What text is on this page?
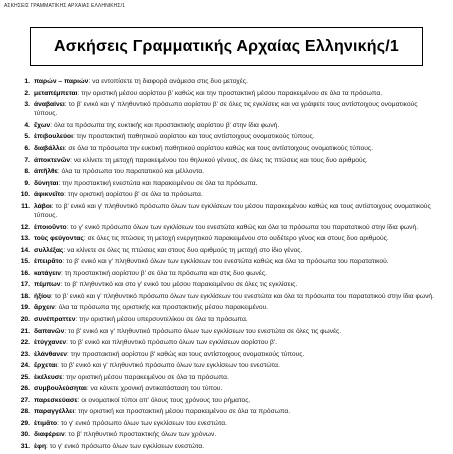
ΑΣΚΗΣΕΙΣ ΓΡΑΜΜΑΤΙΚΗΣ ΑΡΧΑΙΑΣ ΕΛΛΗΝΙΚΗΣ/1
Ασκήσεις Γραμματικής Αρχαίας Ελληνικής/1
1. παρών – παριών: να εντοπίσετε τη διαφορά ανάμεσα στις δυο μετοχές.
2. μεταπέμπεται: την οριστική μέσου αορίστου β' καθώς και την προστακτική μέσου παρακειμένου σε όλα τα πρόσωπα.
3. ἀναβαίνει: το β' ενικό και γ' πληθυντικό πρόσωπο αορίστου β' σε όλες τις εγκλίσεις και να γράψετε τους αντίστοιχους ονοματικούς τύπους.
4. ἔχων: όλα τα πρόσωπα της ευκτικής και προστακτικής αορίστου β' στην ίδια φωνή.
5. ἐπιβουλεύοι: την προστακτική παθητικού αορίστου και τους αντίστοιχους ονοματικούς τύπους.
6. διαβάλλει: σε όλα τα πρόσωπα την ευκτική παθητικού αορίστου καθώς και τους αντίστοιχους ονοματικούς τύπους.
7. ἀποκτενῶν: να κλίνετε τη μετοχή παρακειμένου του θηλυκού γένους, σε όλες τις πτώσεις και τους δυο αριθμούς.
8. ἀπῆλθε: όλα τα πρόσωπα του παρατατικού και μέλλοντα.
9. δύνηται: την προστακτική ενεστώτα και παρακειμένου σε όλα τα πρόσωπα.
10. ἀφικνεῖτο: την οριστική αορίστου β' σε όλα τα πρόσωπα.
11. λάβοι: το β' ενικό και γ' πληθυντικό πρόσωπο όλων των εγκλίσεων του μέσου παρακειμένου καθώς και τους αντίστοιχους ονοματικούς τύπους.
12. ἐποιοῦντο: το γ' ενικό πρόσωπο όλων των εγκλίσεων του ενεστώτα καθώς και όλα τα πρόσωπα του παρατατικού στην ίδια φωνή.
13. τοὺς φεύγοντας: σε όλες τις πτώσεις τη μετοχή ενεργητικού παρακειμένου στο ουδέτερο γένος και στους δυο αριθμούς.
14. συλλέξας: να κλίνετε σε όλες τις πτώσεις και στους δυο αριθμούς τη μετοχή στο ίδιο γένος.
15. ἐπειρᾶτο: το β' ενικό και γ' πληθυντικό όλων των εγκλίσεων του ενεστώτα καθώς και όλα τα πρόσωπα του παρατατικού.
16. κατάγειν: τη προστακτική αορίστου β' σε όλα τα πρόσωπα και στις δυο φωνές.
17. πέμπων: το β' πληθυντικό και στο γ' ενικό του μέσου παρακειμένου σε όλες τις εγκλίσεις.
18. ἠξίου: το β' ενικό και γ' πληθυντικό πρόσωπο όλων των εγκλίσεων του ενεστώτα και όλα τα πρόσωπα του παρατατικού στην ίδια φωνή.
19. ἄρχειν: όλα τα πρόσωπα της οριστικής και προστακτικής μέσου παρακειμένου.
20. συνέπραττεν: την οριστική μέσου υπερσυντελίκου σε όλα τα πρόσωπα.
21. δαπανῶν: το β' ενικό και γ' πληθυντικό πρόσωπο όλων των εγκλίσεων του ενεστώτα σε όλες τις φωνές.
22. ἐτύγχανεν: το β' ενικό και πληθυντικό πρόσωπο όλων των εγκλίσεων αορίστου β'.
23. ἐλάνθανεν: την προστακτική αορίστου β' καθώς και τους αντίστοιχους ονοματικούς τύπους.
24. ἔρχεται: το β' ενικό και γ' πληθυντικό πρόσωπο όλων των εγκλίσεων του ενεστώτα.
25. ἐκέλευσε: την οριστική μέσου παρακειμένου σε όλα τα πρόσωπα.
26. συμβουλεύσηται: να κάνετε χρονική αντικατάσταση του τύπου.
27. παρεσκεύασε: οι ονοματικοί τύποι απ' όλους τους χρόνους του ρήματος.
28. παραγγέλλει: την οριστική και προστακτική μέσου παρακειμένου σε όλα τα πρόσωπα.
29. ἐτιμᾶτο: το γ' ενικό πρόσωπο όλων των εγκλίσεων του ενεστώτα.
30. διαφέρειν: το β' πληθυντικό προστακτικής όλων των χρόνων.
31. ἐφη: το γ' ενικό πρόσωπο όλων των εγκλίσεων ενεστώτα.
